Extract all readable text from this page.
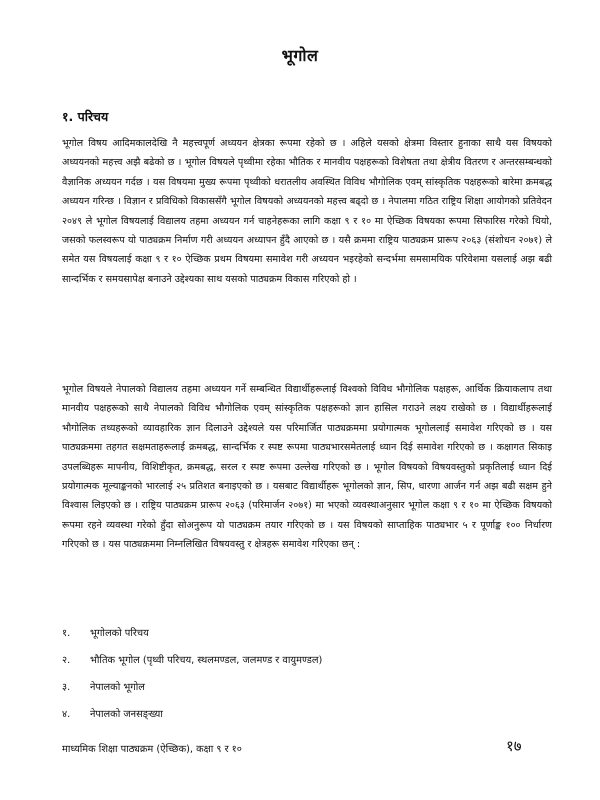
भूगोल
१. परिचय

भूगोल विषय आदिमकालदेखि नै महत्त्वपूर्ण अध्ययन क्षेत्रका रूपमा रहेको छ । अहिले यसको क्षेत्रमा विस्तार हुनाका साथै यस विषयको अध्ययनको महत्त्व अझै बढेको छ । भूगोल विषयले पृथ्वीमा रहेका भौतिक र मानवीय पक्षहरूको विशेषता तथा क्षेत्रीय वितरण र अन्तरसम्बन्धको वैज्ञानिक अध्ययन गर्दछ । यस विषयमा मुख्य रूपमा पृथ्वीको धरातलीय अवस्थित विविध भौगोलिक एवम् सांस्कृतिक पक्षहरूको बारेमा क्रमबद्ध अध्ययन गरिन्छ । विज्ञान र प्रविधिको विकाससँगै भूगोल विषयको अध्ययनको महत्त्व बढ्दो छ । नेपालमा गठित राष्ट्रिय शिक्षा आयोगको प्रतिवेदन २०४९ ले भूगोल विषयलाई विद्यालय तहमा अध्ययन गर्न चाहनेहरूका लागि कक्षा ९ र १० मा ऐच्छिक विषयका रूपमा सिफारिस गरेको थियो, जसको फलस्वरूप यो पाठ्यक्रम निर्माण गरी अध्ययन अध्यापन हुँदै आएको छ । यसै क्रममा राष्ट्रिय पाठ्यक्रम प्रारूप २०६३ (संशोधन २०७१) ले समेत यस विषयलाई कक्षा ९ र १० ऐच्छिक प्रथम विषयमा समावेश गरी अध्ययन भइरहेको सन्दर्भमा समसामयिक परिवेशमा यसलाई अझ बढी सान्दर्भिक र समयसापेक्ष बनाउने उद्देश्यका साथ यसको पाठ्यक्रम विकास गरिएको हो ।

भूगोल विषयले नेपालको विद्यालय तहमा अध्ययन गर्ने सम्बन्धित विद्यार्थीहरूलाई विश्वको विविध भौगोलिक पक्षहरू, आर्थिक क्रियाकलाप तथा मानवीय पक्षहरूको साथै नेपालको विविध भौगोलिक एवम् सांस्कृतिक पक्षहरूको ज्ञान हासिल गराउने लक्ष्य राखेको छ । विद्यार्थीहरूलाई भौगोलिक तथ्यहरूको व्यावहारिक ज्ञान दिलाउने उद्देश्यले यस परिमार्जित पाठ्यक्रममा प्रयोगात्मक भूगोललाई समावेश गरिएको छ । यस पाठ्यक्रममा तहगत सक्षमताहरूलाई क्रमबद्ध, सान्दर्भिक र स्पष्ट रूपमा पाठ्यभारसमेतलाई ध्यान दिई समावेश गरिएको छ । कक्षागत सिकाइ उपलब्धिहरू मापनीय, विशिष्टीकृत, क्रमबद्ध, सरल र स्पष्ट रूपमा उल्लेख गरिएको छ । भूगोल विषयको विषयवस्तुको प्रकृतिलाई ध्यान दिई प्रयोगात्मक मूल्याङ्कनको भारलाई २५ प्रतिशत बनाइएको छ । यसबाट विद्यार्थीहरू भूगोलको ज्ञान, सिप, धारणा आर्जन गर्न अझ बढी सक्षम हुने विश्वास लिइएको छ । राष्ट्रिय पाठ्यक्रम प्रारूप २०६३ (परिमार्जन २०७१) मा भएको व्यवस्थाअनुसार भूगोल कक्षा ९ र १० मा ऐच्छिक विषयको रूपमा रहने व्यवस्था गरेको हुँदा सोअनुरूप यो पाठ्यक्रम तयार गरिएको छ । यस विषयको साप्ताहिक पाठ्यभार ५ र पूर्णाङ्क १०० निर्धारण गरिएको छ । यस पाठ्यक्रममा निम्नलिखित विषयवस्तु र क्षेत्रहरू समावेश गरिएका छन् :

१.	भूगोलको परिचय
२.	भौतिक भूगोल (पृथ्वी परिचय, स्थलमण्डल, जलमण्ड र वायुमण्डल)
३.	नेपालको भूगोल
४.	नेपालको जनसङ्ख्या
माध्यमिक शिक्षा पाठ्यक्रम (ऐच्छिक), कक्षा ९ र १०	१७
